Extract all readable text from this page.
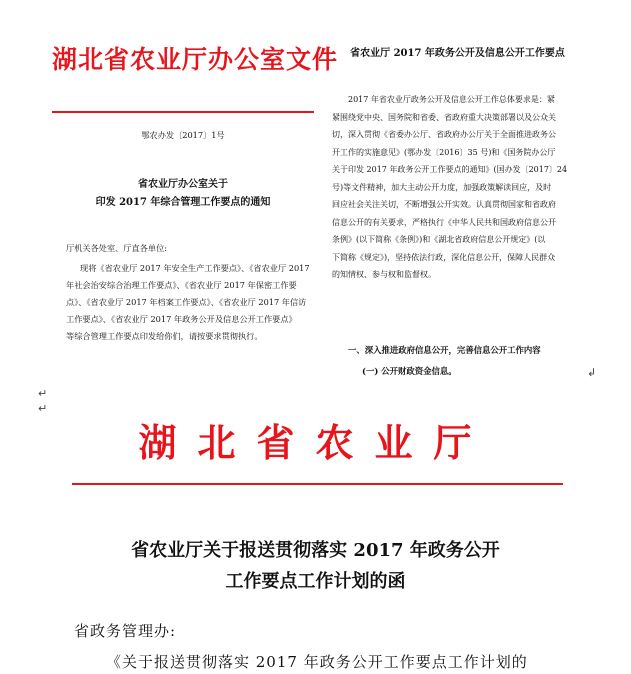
湖北省农业厅办公室文件
鄂农办发〔2017〕1号
省农业厅办公室关于
印发 2017 年综合管理工作要点的通知
厅机关各处室、厅直各单位:
现将《省农业厅 2017 年安全生产工作要点》、《省农业厅 2017
年社会治安综合治理工作要点》、《省农业厅 2017 年保密工作要
点》、《省农业厅 2017 年档案工作要点》、《省农业厅 2017 年信访
工作要点》、《省农业厅 2017 年政务公开及信息公开工作要点》
等综合管理工作要点印发给你们，请按要求贯彻执行。
省农业厅 2017 年政务公开及信息公开工作要点
2017 年省农业厅政务公开及信息公开工作总体要求是：紧
紧围绕党中央、国务院和省委、省政府重大决策部署以及公众关
切，深入贯彻《省委办公厅、省政府办公厅关于全面推进政务公
开工作的实施意见》(鄂办发〔2016〕35 号)和《国务院办公厅
关于印发 2017 年政务公开工作要点的通知》(国办发〔2017〕24
号)等文件精神，加大主动公开力度，加强政策解读回应，及时
回应社会关注关切，不断增强公开实效。认真贯彻国家和省政府
信息公开的有关要求，严格执行《中华人民共和国政府信息公开
条例》(以下简称《条例》)和《湖北省政府信息公开规定》(以
下简称《规定》)，坚持依法行政，深化信息公开，保障人民群众
的知情权、参与权和监督权。
一、深入推进政府信息公开，完善信息公开工作内容
(一) 公开财政资金信息。	↲
↵
↵
湖北省农业厅
省农业厅关于报送贯彻落实 2017 年政务公开
工作要点工作计划的函
省政务管理办:
《关于报送贯彻落实 2017 年政务公开工作要点工作计划的
